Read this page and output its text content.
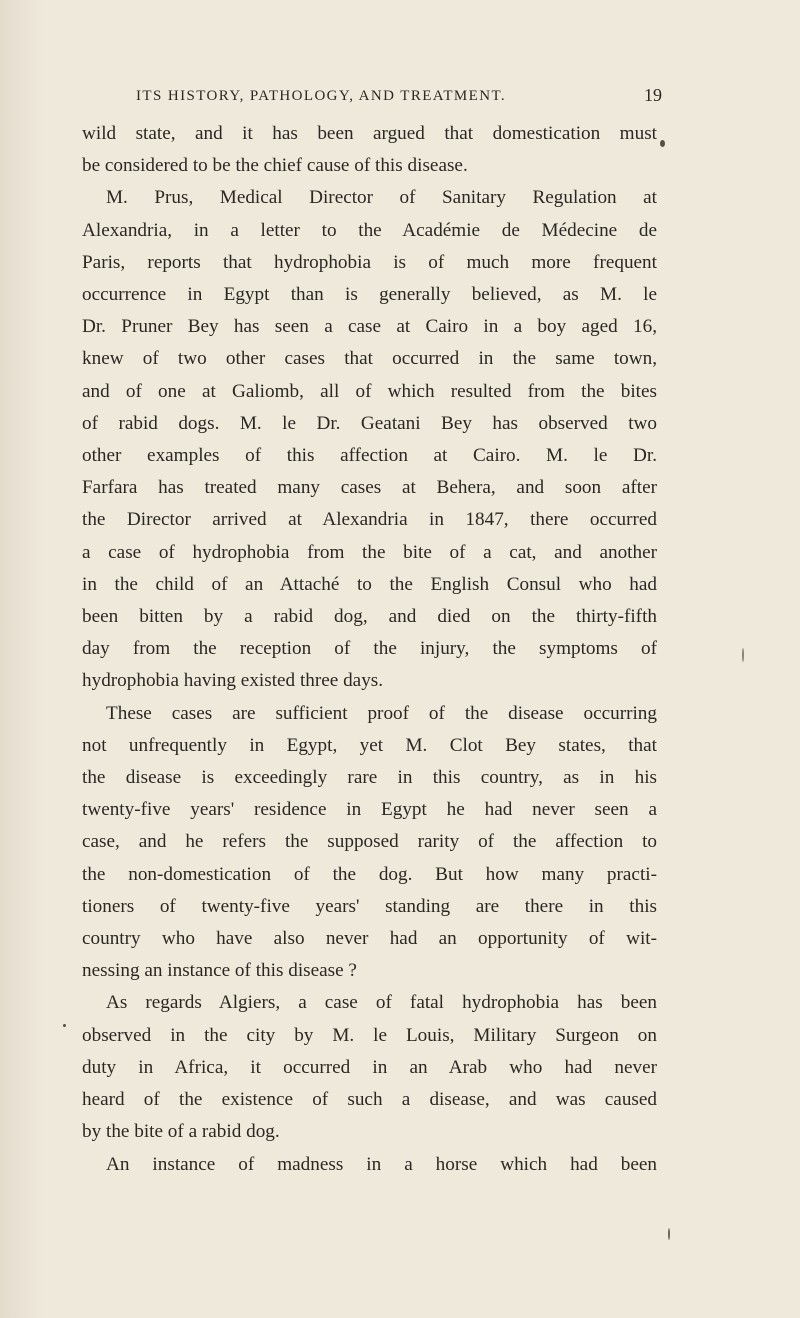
ITS HISTORY, PATHOLOGY, AND TREATMENT.	19
wild state, and it has been argued that domestication must
be considered to be the chief cause of this disease.
M. Prus, Medical Director of Sanitary Regulation at
Alexandria, in a letter to the Académie de Médecine de
Paris, reports that hydrophobia is of much more frequent
occurrence in Egypt than is generally believed, as M. le
Dr. Pruner Bey has seen a case at Cairo in a boy aged 16,
knew of two other cases that occurred in the same town,
and of one at Galiomb, all of which resulted from the bites
of rabid dogs. M. le Dr. Geatani Bey has observed two
other examples of this affection at Cairo. M. le Dr.
Farfara has treated many cases at Behera, and soon after
the Director arrived at Alexandria in 1847, there occurred
a case of hydrophobia from the bite of a cat, and another
in the child of an Attaché to the English Consul who had
been bitten by a rabid dog, and died on the thirty-fifth
day from the reception of the injury, the symptoms of
hydrophobia having existed three days.
These cases are sufficient proof of the disease occurring
not unfrequently in Egypt, yet M. Clot Bey states, that
the disease is exceedingly rare in this country, as in his
twenty-five years' residence in Egypt he had never seen a
case, and he refers the supposed rarity of the affection to
the non-domestication of the dog. But how many practi-
tioners of twenty-five years' standing are there in this
country who have also never had an opportunity of wit-
nessing an instance of this disease ?
As regards Algiers, a case of fatal hydrophobia has been
observed in the city by M. le Louis, Military Surgeon on
duty in Africa, it occurred in an Arab who had never
heard of the existence of such a disease, and was caused
by the bite of a rabid dog.
An instance of madness in a horse which had been
